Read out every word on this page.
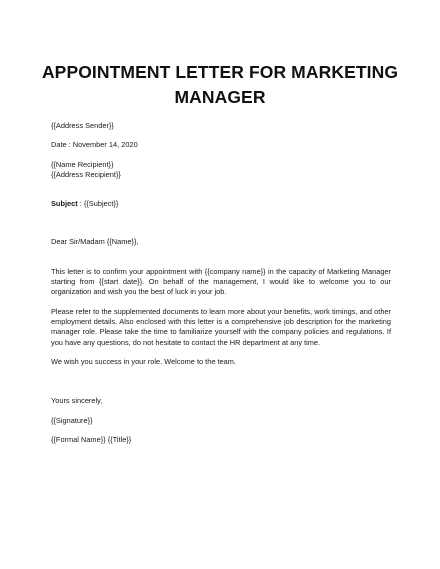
APPOINTMENT LETTER FOR MARKETING MANAGER
{{Address Sender}}
Date : November 14, 2020
{{Name Recipient}}
{{Address Recipient}}
Subject : {{Subject}}
Dear Sir/Madam {{Name}},
This letter is to confirm your appointment with {{company name}} in the capacity of Marketing Manager starting from {{start date}}. On behalf of the management, I would like to welcome you to our organization and wish you the best of luck in your job.
Please refer to the supplemented documents to learn more about your benefits, work timings, and other employment details. Also enclosed with this letter is a comprehensive job description for the marketing manager role. Please take the time to familiarize yourself with the company policies and regulations. If you have any questions, do not hesitate to contact the HR department at any time.
We wish you success in your role. Welcome to the team.
Yours sincerely,
{{Signature}}
{{Formal Name}} {{Title}}
